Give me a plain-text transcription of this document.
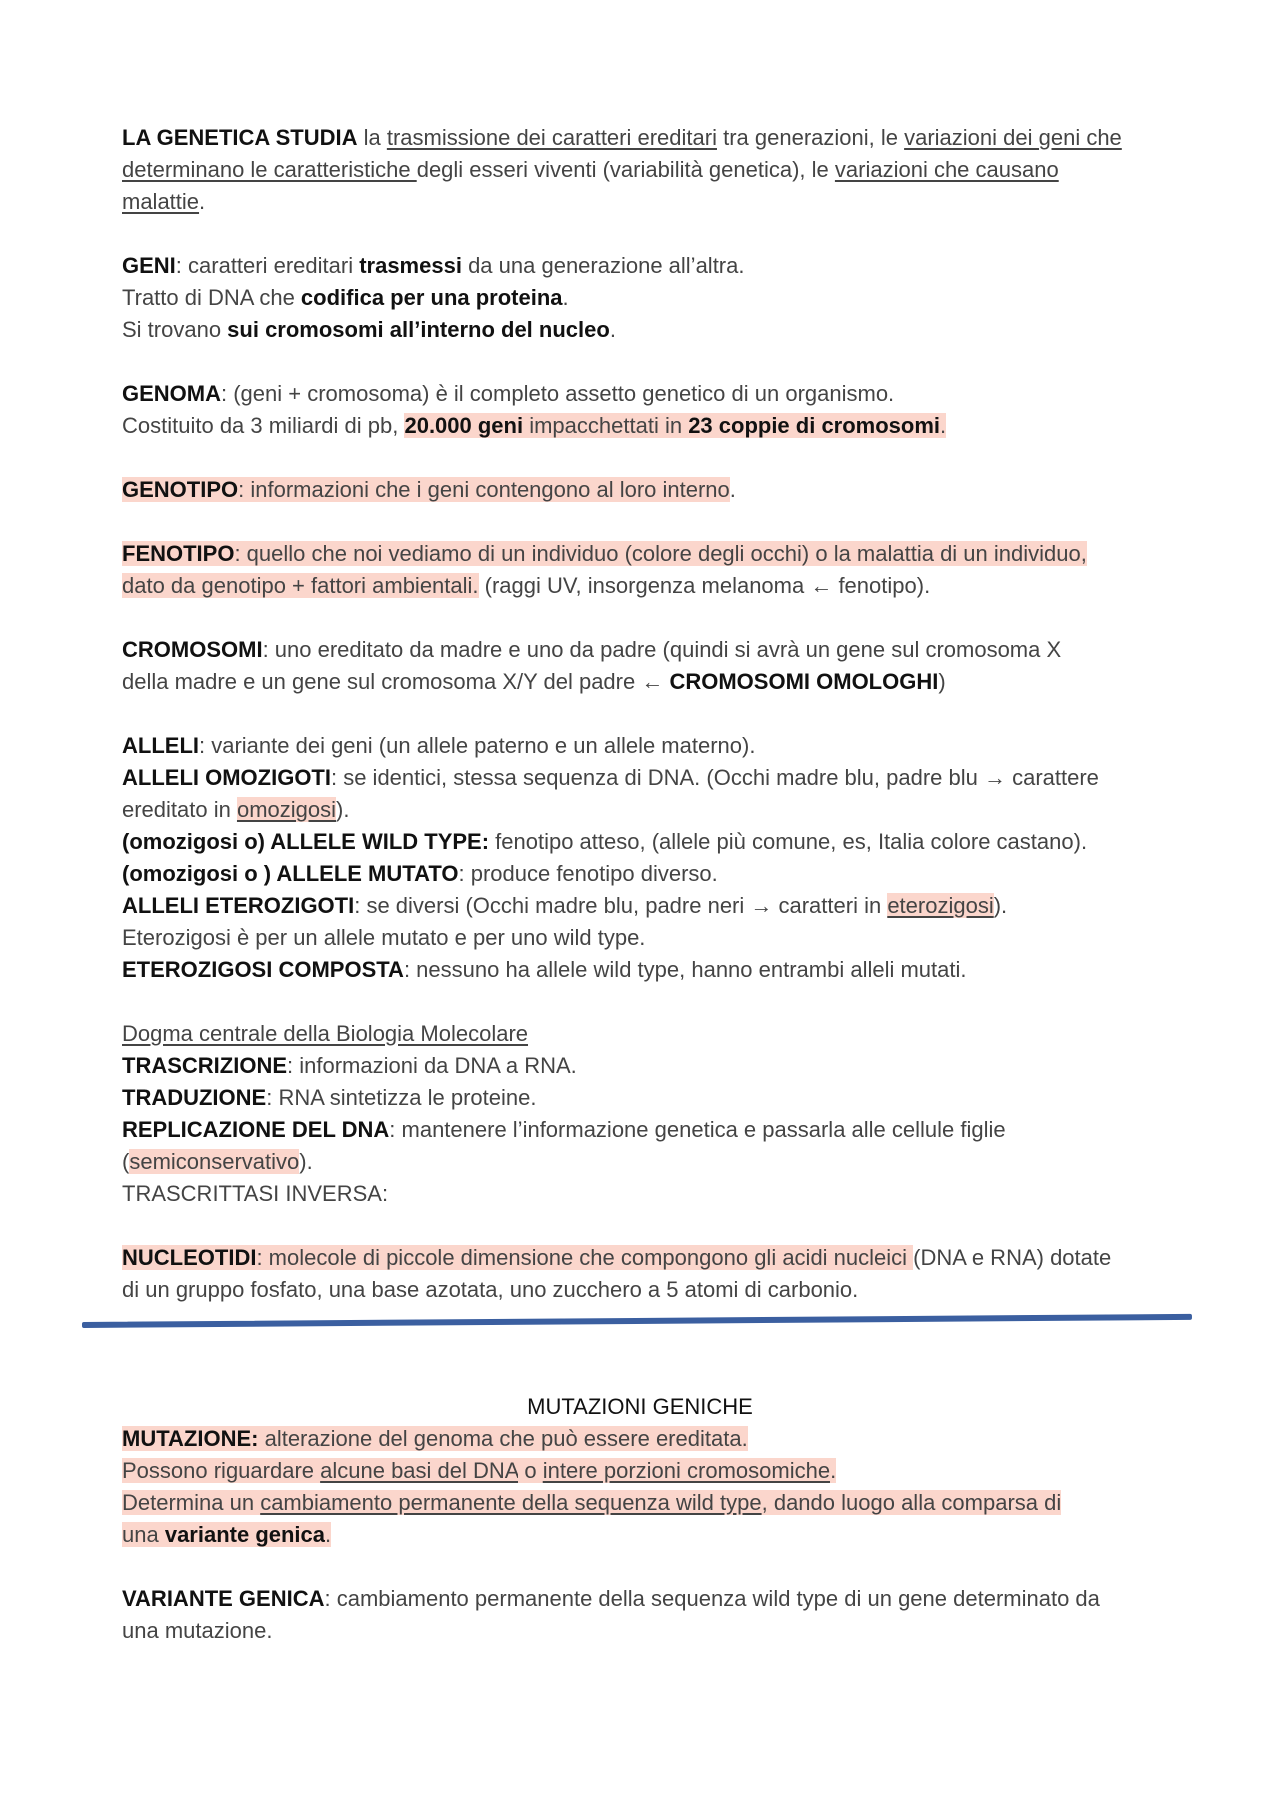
LA GENETICA STUDIA la trasmissione dei caratteri ereditari tra generazioni, le variazioni dei geni che
determinano le caratteristiche degli esseri viventi (variabilità genetica), le variazioni che causano
malattie.
GENI: caratteri ereditari trasmessi da una generazione all’altra.
Tratto di DNA che codifica per una proteina.
Si trovano sui cromosomi all’interno del nucleo.
GENOMA: (geni + cromosoma) è il completo assetto genetico di un organismo.
Costituito da 3 miliardi di pb, 20.000 geni impacchettati in 23 coppie di cromosomi.
GENOTIPO: informazioni che i geni contengono al loro interno.
FENOTIPO: quello che noi vediamo di un individuo (colore degli occhi) o la malattia di un individuo,
dato da genotipo + fattori ambientali. (raggi UV, insorgenza melanoma ← fenotipo).
CROMOSOMI: uno ereditato da madre e uno da padre (quindi si avrà un gene sul cromosoma X
della madre e un gene sul cromosoma X/Y del padre ← CROMOSOMI OMOLOGHI)
ALLELI: variante dei geni (un allele paterno e un allele materno).
ALLELI OMOZIGOTI: se identici, stessa sequenza di DNA. (Occhi madre blu, padre blu → carattere
ereditato in omozigosi).
(omozigosi o) ALLELE WILD TYPE: fenotipo atteso, (allele più comune, es, Italia colore castano).
(omozigosi o ) ALLELE MUTATO: produce fenotipo diverso.
ALLELI ETEROZIGOTI: se diversi (Occhi madre blu, padre neri → caratteri in eterozigosi).
Eterozigosi è per un allele mutato e per uno wild type.
ETEROZIGOSI COMPOSTA: nessuno ha allele wild type, hanno entrambi alleli mutati.
Dogma centrale della Biologia Molecolare
TRASCRIZIONE: informazioni da DNA a RNA.
TRADUZIONE: RNA sintetizza le proteine.
REPLICAZIONE DEL DNA: mantenere l’informazione genetica e passarla alle cellule figlie
(semiconservativo).
TRASCRITTASI INVERSA:
NUCLEOTIDI: molecole di piccole dimensione che compongono gli acidi nucleici (DNA e RNA) dotate
di un gruppo fosfato, una base azotata, uno zucchero a 5 atomi di carbonio.
MUTAZIONI GENICHE
MUTAZIONE: alterazione del genoma che può essere ereditata.
Possono riguardare alcune basi del DNA o intere porzioni cromosomiche.
Determina un cambiamento permanente della sequenza wild type, dando luogo alla comparsa di
una variante genica.
VARIANTE GENICA: cambiamento permanente della sequenza wild type di un gene determinato da
una mutazione.
